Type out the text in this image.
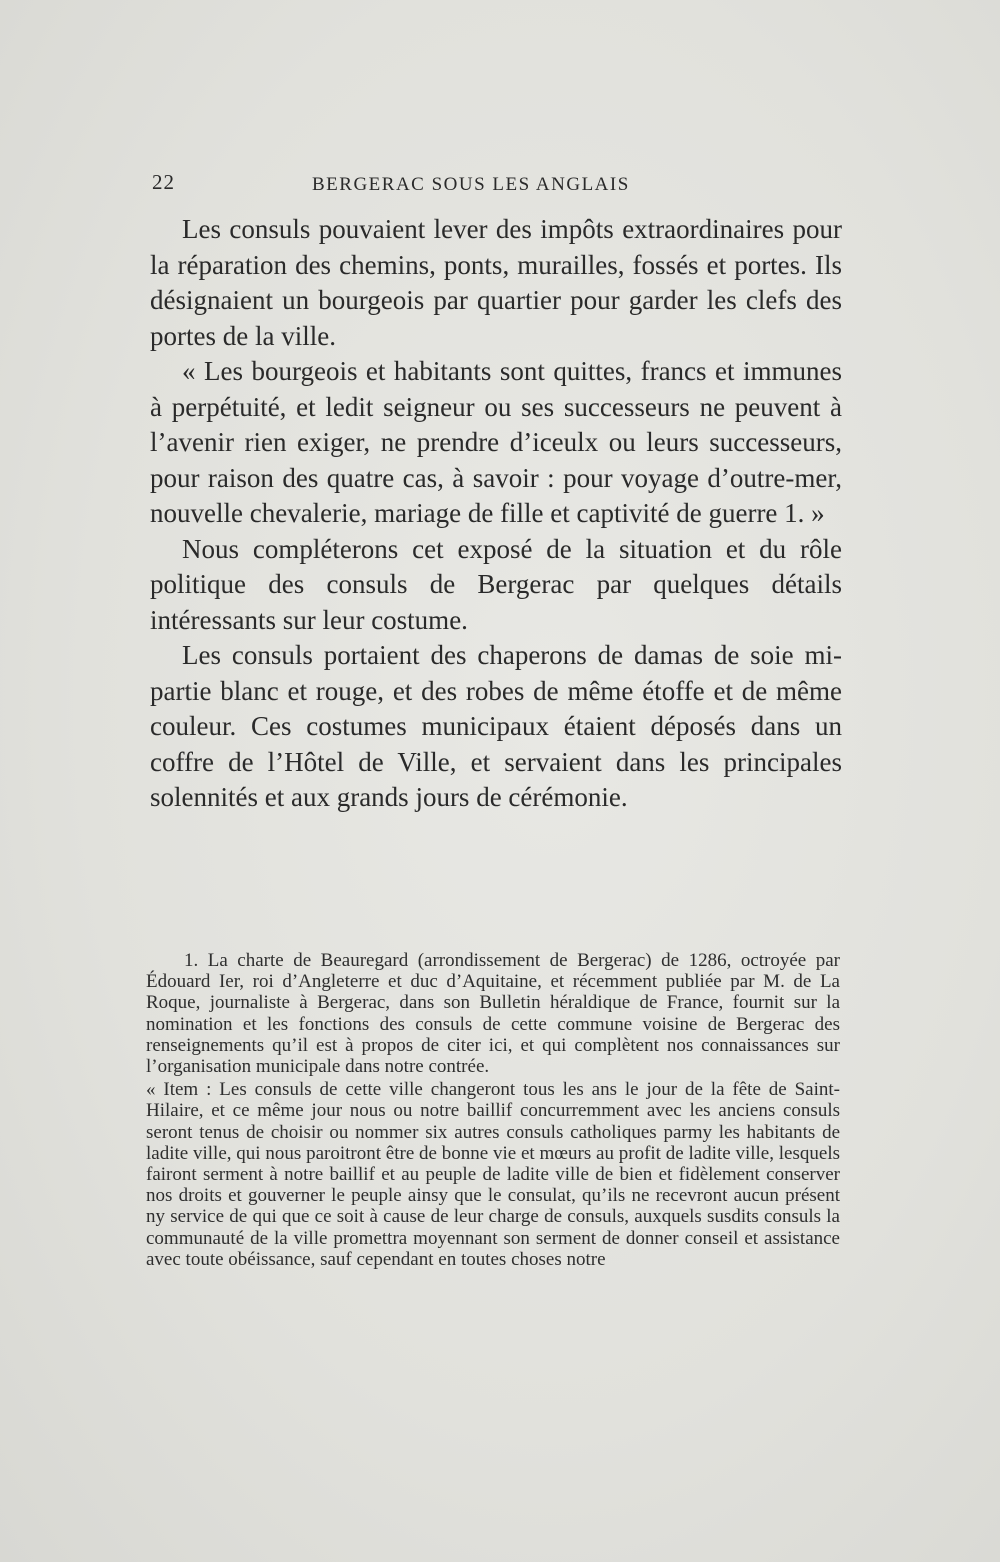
22	BERGERAC SOUS LES ANGLAIS

Les consuls pouvaient lever des impôts extraordinaires pour la réparation des chemins, ponts, murailles, fossés et portes. Ils désignaient un bourgeois par quartier pour garder les clefs des portes de la ville.

« Les bourgeois et habitants sont quittes, francs et immunes à perpétuité, et ledit seigneur ou ses successeurs ne peuvent à l’avenir rien exiger, ne prendre d’iceulx ou leurs successeurs, pour raison des quatre cas, à savoir : pour voyage d’outre-mer, nouvelle chevalerie, mariage de fille et captivité de guerre 1. »

Nous compléterons cet exposé de la situation et du rôle politique des consuls de Bergerac par quelques détails intéressants sur leur costume.

Les consuls portaient des chaperons de damas de soie mi-partie blanc et rouge, et des robes de même étoffe et de même couleur. Ces costumes municipaux étaient déposés dans un coffre de l’Hôtel de Ville, et servaient dans les principales solennités et aux grands jours de cérémonie.

1. La charte de Beauregard (arrondissement de Bergerac) de 1286, octroyée par Édouard Ier, roi d’Angleterre et duc d’Aquitaine, et récemment publiée par M. de La Roque, journaliste à Bergerac, dans son Bulletin héraldique de France, fournit sur la nomination et les fonctions des consuls de cette commune voisine de Bergerac des renseignements qu’il est à propos de citer ici, et qui complètent nos connaissances sur l’organisation municipale dans notre contrée.

« Item : Les consuls de cette ville changeront tous les ans le jour de la fête de Saint-Hilaire, et ce même jour nous ou notre baillif concurremment avec les anciens consuls seront tenus de choisir ou nommer six autres consuls catholiques parmy les habitants de ladite ville, qui nous paroitront être de bonne vie et mœurs au profit de ladite ville, lesquels fairont serment à notre baillif et au peuple de ladite ville de bien et fidèlement conserver nos droits et gouverner le peuple ainsy que le consulat, qu’ils ne recevront aucun présent ny service de qui que ce soit à cause de leur charge de consuls, auxquels susdits consuls la communauté de la ville promettra moyennant son serment de donner conseil et assistance avec toute obéissance, sauf cependant en toutes choses notre
